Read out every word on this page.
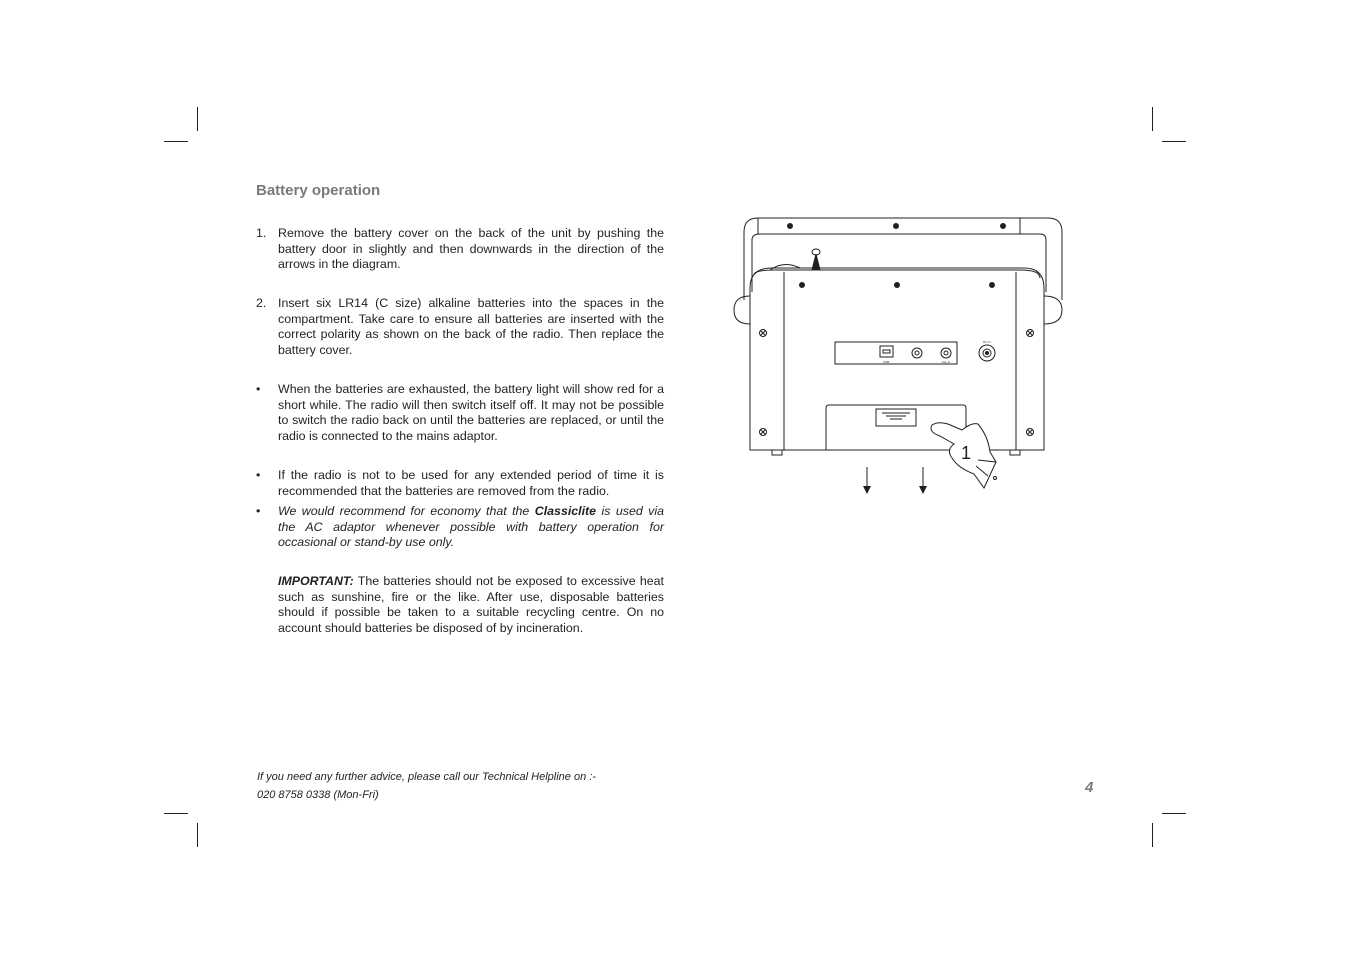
Battery operation
1. Remove the battery cover on the back of the unit by pushing the battery door in slightly and then downwards in the direction of the arrows in the diagram.
2. Insert six LR14 (C size) alkaline batteries into the spaces in the compartment. Take care to ensure all batteries are inserted with the correct polarity as shown on the back of the radio. Then replace the battery cover.
•	When the batteries are exhausted, the battery light will show red for a short while. The radio will then switch itself off. It may not be possible to switch the radio back on until the batteries are replaced, or until the radio is connected to the mains adaptor.
•	If the radio is not to be used for any extended period of time it is recommended that the batteries are removed from the radio.
•	We would recommend for economy that the Classiclite is used via the AC adaptor whenever possible with battery operation for occasional or stand-by use only.
IMPORTANT: The batteries should not be exposed to excessive heat such as sunshine, fire or the like. After use, disposable batteries should if possible be taken to a suitable recycling centre. On no account should batteries be disposed of by incineration.
USB	Aux In
DC In
1
If you need any further advice, please call our Technical Helpline on :-
020 8758 0338 (Mon-Fri)	4
